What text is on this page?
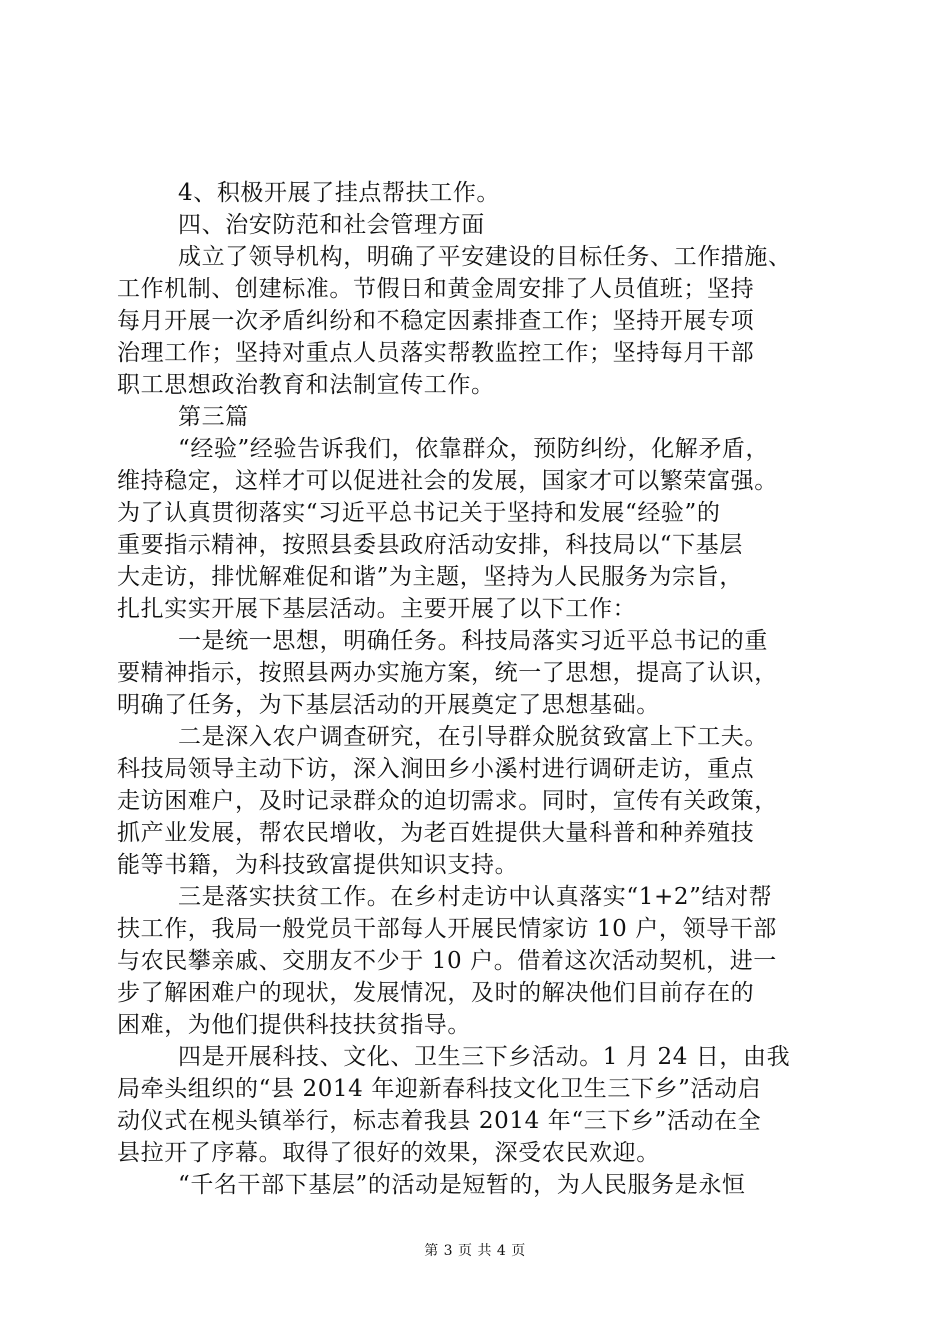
4、积极开展了挂点帮扶工作。
四、治安防范和社会管理方面
成立了领导机构，明确了平安建设的目标任务、工作措施、
工作机制、创建标准。节假日和黄金周安排了人员值班；坚持
每月开展一次矛盾纠纷和不稳定因素排查工作；坚持开展专项
治理工作；坚持对重点人员落实帮教监控工作；坚持每月干部
职工思想政治教育和法制宣传工作。
第三篇
“经验”经验告诉我们，依靠群众，预防纠纷，化解矛盾，
维持稳定，这样才可以促进社会的发展，国家才可以繁荣富强。
为了认真贯彻落实“习近平总书记关于坚持和发展“经验”的
重要指示精神，按照县委县政府活动安排，科技局以“下基层
大走访，排忧解难促和谐”为主题，坚持为人民服务为宗旨，
扎扎实实开展下基层活动。主要开展了以下工作：
一是统一思想，明确任务。科技局落实习近平总书记的重
要精神指示，按照县两办实施方案，统一了思想，提高了认识，
明确了任务，为下基层活动的开展奠定了思想基础。
二是深入农户调查研究，在引导群众脱贫致富上下工夫。
科技局领导主动下访，深入涧田乡小溪村进行调研走访，重点
走访困难户，及时记录群众的迫切需求。同时，宣传有关政策，
抓产业发展，帮农民增收，为老百姓提供大量科普和种养殖技
能等书籍，为科技致富提供知识支持。
三是落实扶贫工作。在乡村走访中认真落实“1+2”结对帮
扶工作，我局一般党员干部每人开展民情家访 10 户，领导干部
与农民攀亲戚、交朋友不少于 10 户。借着这次活动契机，进一
步了解困难户的现状，发展情况，及时的解决他们目前存在的
困难，为他们提供科技扶贫指导。
四是开展科技、文化、卫生三下乡活动。1 月 24 日，由我
局牵头组织的“县 2014 年迎新春科技文化卫生三下乡”活动启
动仪式在枧头镇举行，标志着我县 2014 年“三下乡”活动在全
县拉开了序幕。取得了很好的效果，深受农民欢迎。
“千名干部下基层”的活动是短暂的，为人民服务是永恒
第 3 页 共 4 页
